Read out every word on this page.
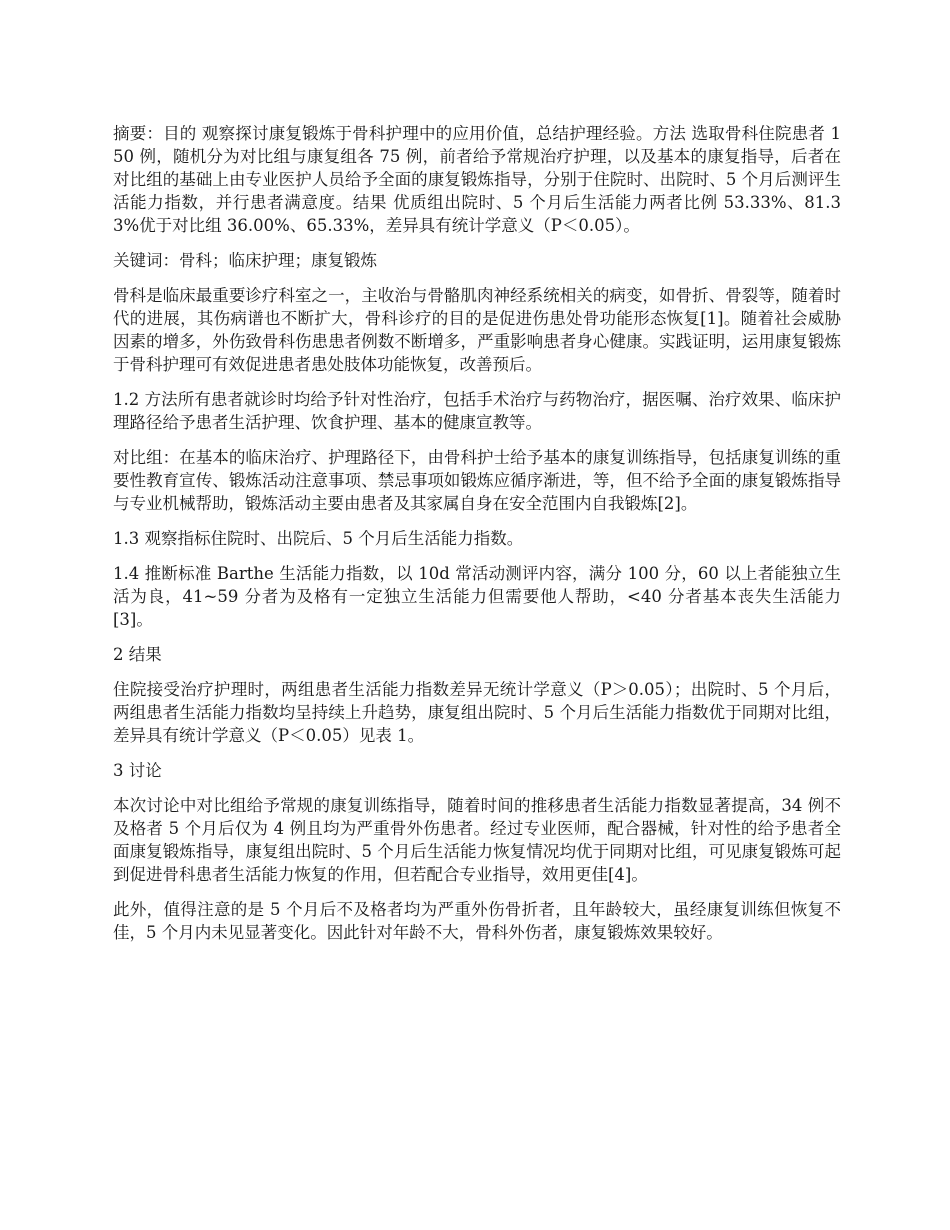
摘要：目的 观察探讨康复锻炼于骨科护理中的应用价值，总结护理经验。方法 选取骨科住院患者 150 例，随机分为对比组与康复组各 75 例，前者给予常规治疗护理，以及基本的康复指导，后者在对比组的基础上由专业医护人员给予全面的康复锻炼指导，分别于住院时、出院时、5 个月后测评生活能力指数，并行患者满意度。结果 优质组出院时、5 个月后生活能力两者比例 53.33%、81.33%优于对比组 36.00%、65.33%，差异具有统计学意义（P＜0.05）。

关键词：骨科；临床护理；康复锻炼

骨科是临床最重要诊疗科室之一，主收治与骨骼肌肉神经系统相关的病变，如骨折、骨裂等，随着时代的进展，其伤病谱也不断扩大，骨科诊疗的目的是促进伤患处骨功能形态恢复[1]。随着社会威胁因素的增多，外伤致骨科伤患患者例数不断增多，严重影响患者身心健康。实践证明，运用康复锻炼于骨科护理可有效促进患者患处肢体功能恢复，改善预后。

1.2 方法所有患者就诊时均给予针对性治疗，包括手术治疗与药物治疗，据医嘱、治疗效果、临床护理路径给予患者生活护理、饮食护理、基本的健康宣教等。

对比组：在基本的临床治疗、护理路径下，由骨科护士给予基本的康复训练指导，包括康复训练的重要性教育宣传、锻炼活动注意事项、禁忌事项如锻炼应循序渐进，等，但不给予全面的康复锻炼指导与专业机械帮助，锻炼活动主要由患者及其家属自身在安全范围内自我锻炼[2]。

1.3 观察指标住院时、出院后、5 个月后生活能力指数。

1.4 推断标准 Barthe 生活能力指数，以 10d 常活动测评内容，满分 100 分，60 以上者能独立生活为良，41~59 分者为及格有一定独立生活能力但需要他人帮助，<40 分者基本丧失生活能力[3]。

2 结果

住院接受治疗护理时，两组患者生活能力指数差异无统计学意义（P＞0.05）；出院时、5 个月后，两组患者生活能力指数均呈持续上升趋势，康复组出院时、5 个月后生活能力指数优于同期对比组，差异具有统计学意义（P＜0.05）见表 1。

3 讨论

本次讨论中对比组给予常规的康复训练指导，随着时间的推移患者生活能力指数显著提高，34 例不及格者 5 个月后仅为 4 例且均为严重骨外伤患者。经过专业医师，配合器械，针对性的给予患者全面康复锻炼指导，康复组出院时、5 个月后生活能力恢复情况均优于同期对比组，可见康复锻炼可起到促进骨科患者生活能力恢复的作用，但若配合专业指导，效用更佳[4]。

此外，值得注意的是 5 个月后不及格者均为严重外伤骨折者，且年龄较大，虽经康复训练但恢复不佳，5 个月内未见显著变化。因此针对年龄不大，骨科外伤者，康复锻炼效果较好。
